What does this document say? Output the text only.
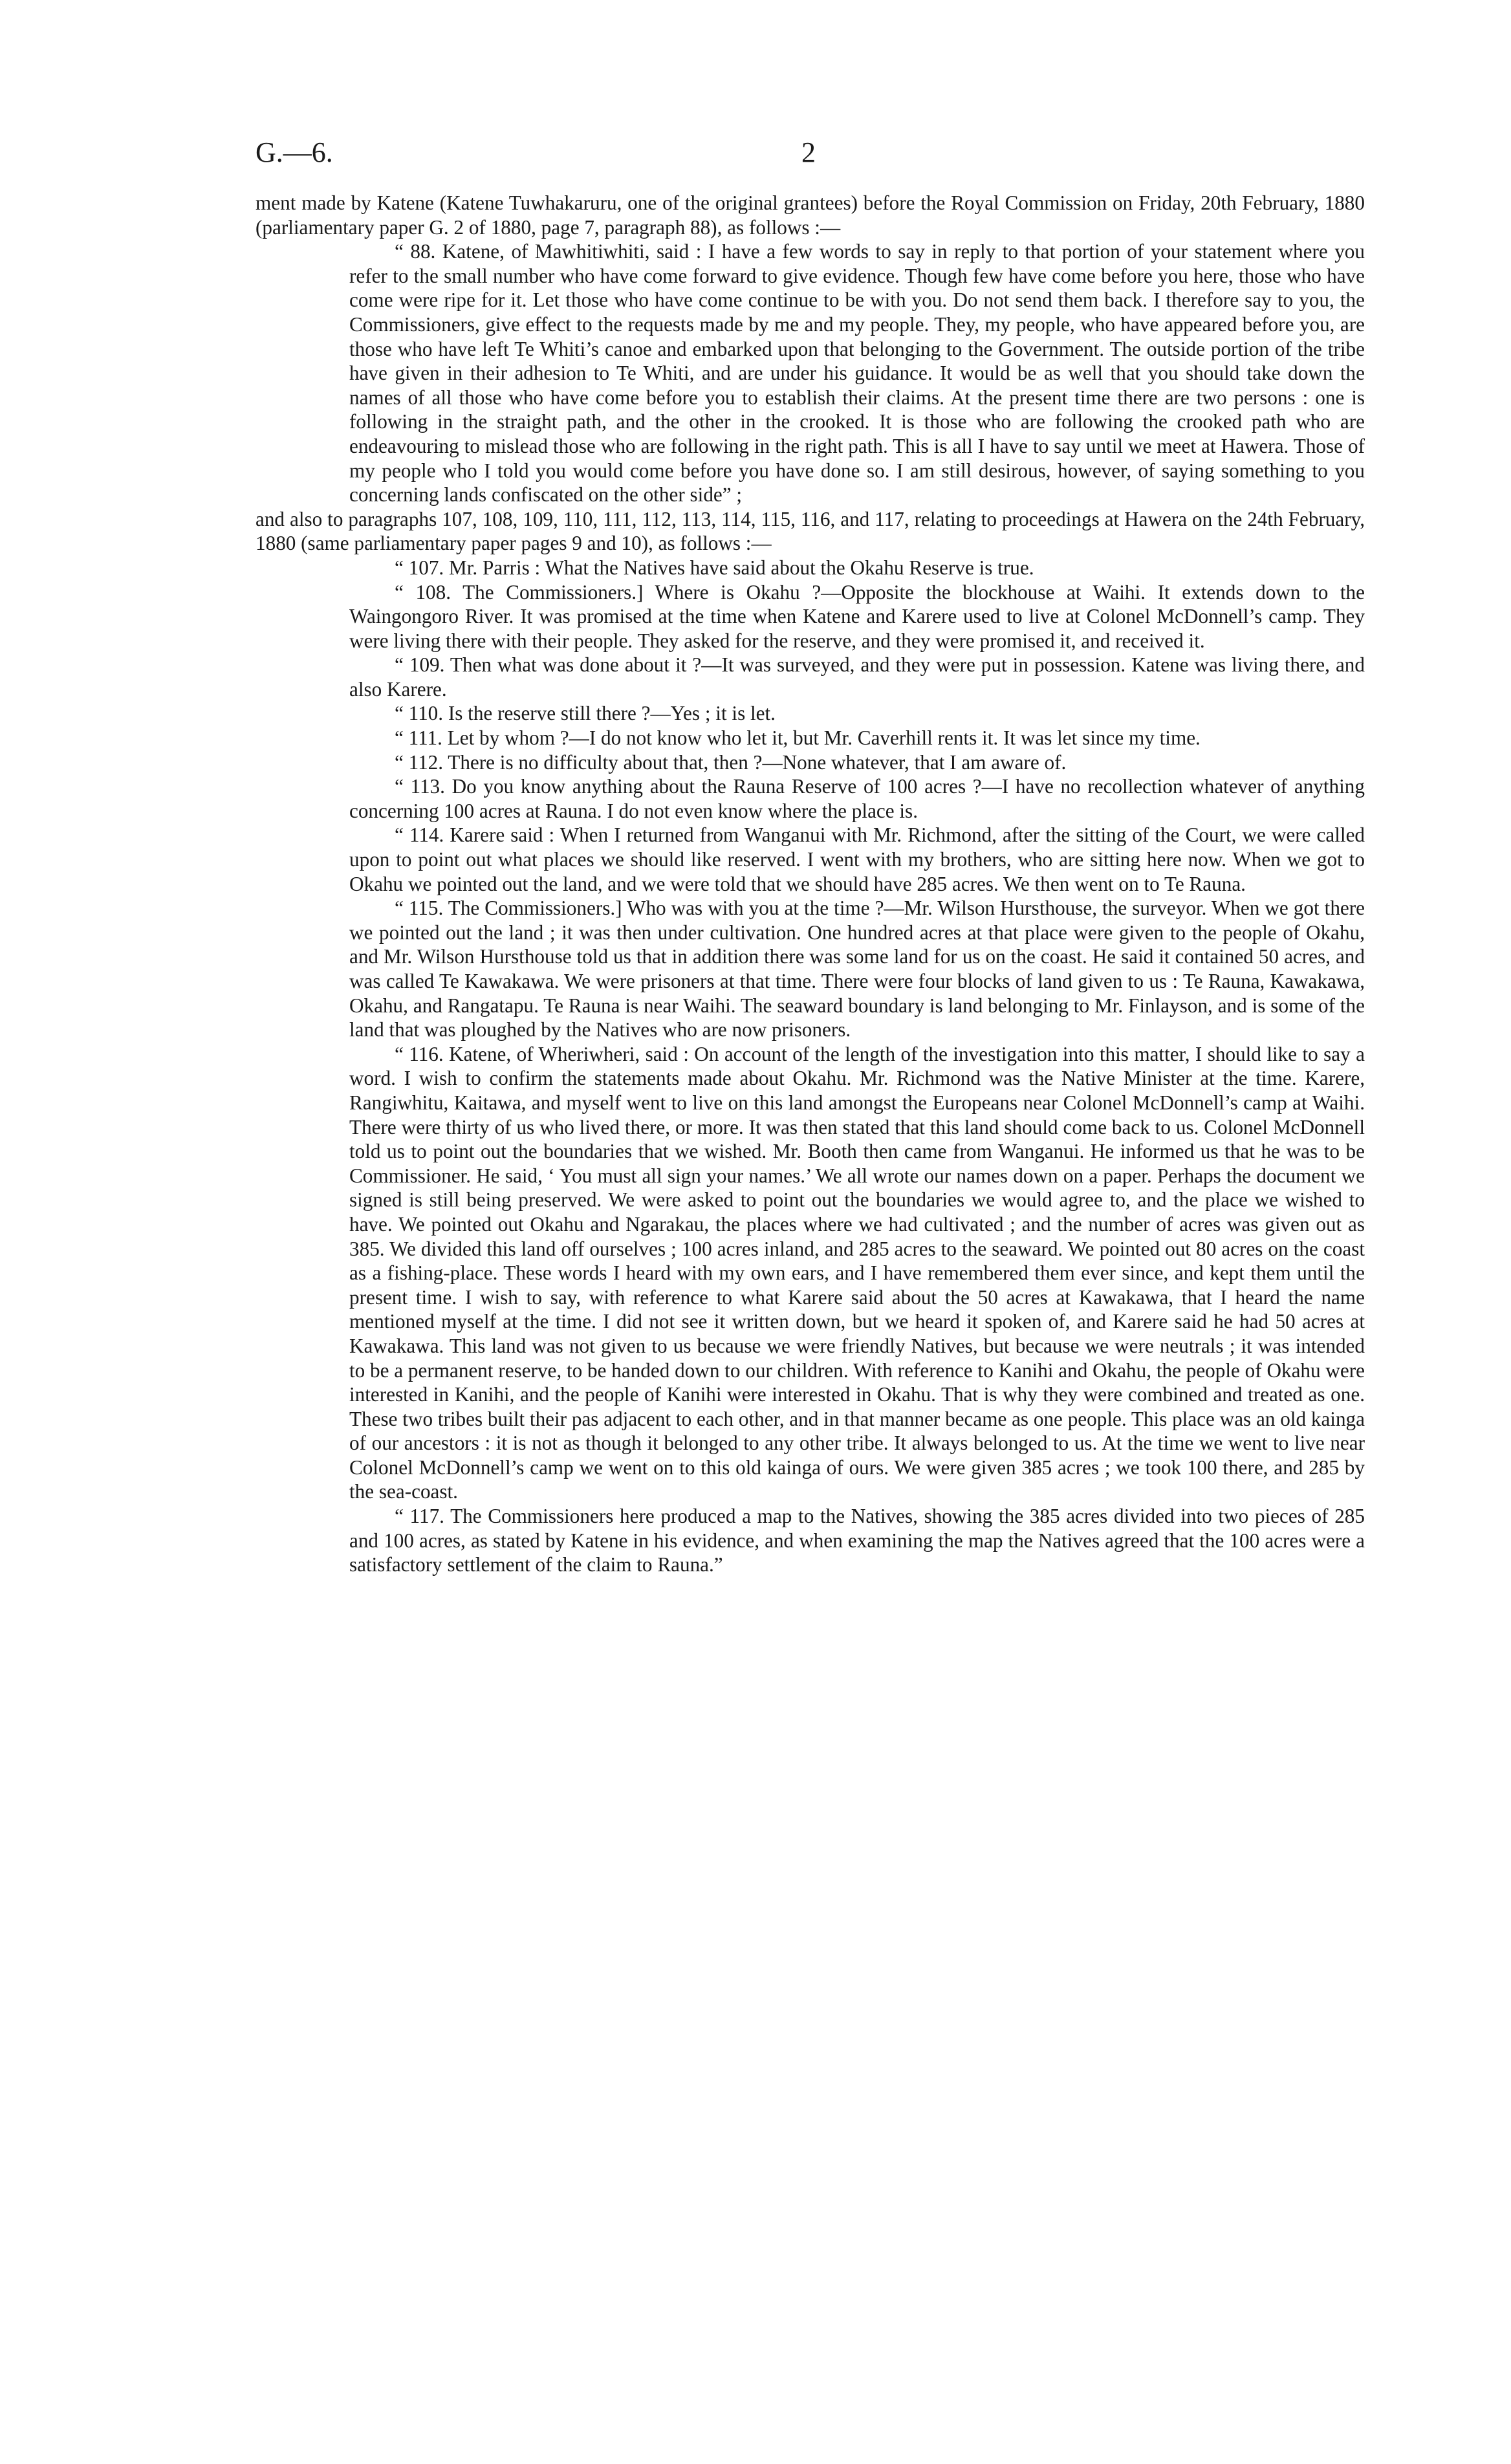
G.—6.	2

ment made by Katene (Katene Tuwhakaruru, one of the original grantees) before the Royal Commission on Friday, 20th February, 1880 (parliamentary paper G. 2 of 1880, page 7, paragraph 88), as follows :—

“ 88. Katene, of Mawhitiwhiti, said : I have a few words to say in reply to that portion of your statement where you refer to the small number who have come forward to give evidence. Though few have come before you here, those who have come were ripe for it. Let those who have come continue to be with you. Do not send them back. I therefore say to you, the Commissioners, give effect to the requests made by me and my people. They, my people, who have appeared before you, are those who have left Te Whiti’s canoe and embarked upon that belonging to the Government. The outside portion of the tribe have given in their adhesion to Te Whiti, and are under his guidance. It would be as well that you should take down the names of all those who have come before you to establish their claims. At the present time there are two persons : one is following in the straight path, and the other in the crooked. It is those who are following the crooked path who are endeavouring to mislead those who are following in the right path. This is all I have to say until we meet at Hawera. Those of my people who I told you would come before you have done so. I am still desirous, however, of saying something to you concerning lands confiscated on the other side” ;

and also to paragraphs 107, 108, 109, 110, 111, 112, 113, 114, 115, 116, and 117, relating to proceedings at Hawera on the 24th February, 1880 (same parliamentary paper pages 9 and 10), as follows :—

“ 107. Mr. Parris : What the Natives have said about the Okahu Reserve is true.

“ 108. The Commissioners.] Where is Okahu ?—Opposite the blockhouse at Waihi. It extends down to the Waingongoro River. It was promised at the time when Katene and Karere used to live at Colonel McDonnell’s camp. They were living there with their people. They asked for the reserve, and they were promised it, and received it.

“ 109. Then what was done about it ?—It was surveyed, and they were put in possession. Katene was living there, and also Karere.

“ 110. Is the reserve still there ?—Yes ; it is let.

“ 111. Let by whom ?—I do not know who let it, but Mr. Caverhill rents it. It was let since my time.

“ 112. There is no difficulty about that, then ?—None whatever, that I am aware of.

“ 113. Do you know anything about the Rauna Reserve of 100 acres ?—I have no recollection whatever of anything concerning 100 acres at Rauna. I do not even know where the place is.

“ 114. Karere said : When I returned from Wanganui with Mr. Richmond, after the sitting of the Court, we were called upon to point out what places we should like reserved. I went with my brothers, who are sitting here now. When we got to Okahu we pointed out the land, and we were told that we should have 285 acres. We then went on to Te Rauna.

“ 115. The Commissioners.] Who was with you at the time ?—Mr. Wilson Hursthouse, the surveyor. When we got there we pointed out the land ; it was then under cultivation. One hundred acres at that place were given to the people of Okahu, and Mr. Wilson Hursthouse told us that in addition there was some land for us on the coast. He said it contained 50 acres, and was called Te Kawakawa. We were prisoners at that time. There were four blocks of land given to us : Te Rauna, Kawakawa, Okahu, and Rangatapu. Te Rauna is near Waihi. The seaward boundary is land belonging to Mr. Finlayson, and is some of the land that was ploughed by the Natives who are now prisoners.

“ 116. Katene, of Wheriwheri, said : On account of the length of the investigation into this matter, I should like to say a word. I wish to confirm the statements made about Okahu. Mr. Richmond was the Native Minister at the time. Karere, Rangiwhitu, Kaitawa, and myself went to live on this land amongst the Europeans near Colonel McDonnell’s camp at Waihi. There were thirty of us who lived there, or more. It was then stated that this land should come back to us. Colonel McDonnell told us to point out the boundaries that we wished. Mr. Booth then came from Wanganui. He informed us that he was to be Commissioner. He said, ‘ You must all sign your names.’ We all wrote our names down on a paper. Perhaps the document we signed is still being preserved. We were asked to point out the boundaries we would agree to, and the place we wished to have. We pointed out Okahu and Ngarakau, the places where we had cultivated ; and the number of acres was given out as 385. We divided this land off ourselves ; 100 acres inland, and 285 acres to the seaward. We pointed out 80 acres on the coast as a fishing-place. These words I heard with my own ears, and I have remembered them ever since, and kept them until the present time. I wish to say, with reference to what Karere said about the 50 acres at Kawakawa, that I heard the name mentioned myself at the time. I did not see it written down, but we heard it spoken of, and Karere said he had 50 acres at Kawakawa. This land was not given to us because we were friendly Natives, but because we were neutrals ; it was intended to be a permanent reserve, to be handed down to our children. With reference to Kanihi and Okahu, the people of Okahu were interested in Kanihi, and the people of Kanihi were interested in Okahu. That is why they were combined and treated as one. These two tribes built their pas adjacent to each other, and in that manner became as one people. This place was an old kainga of our ancestors : it is not as though it belonged to any other tribe. It always belonged to us. At the time we went to live near Colonel McDonnell’s camp we went on to this old kainga of ours. We were given 385 acres ; we took 100 there, and 285 by the sea-coast.

“ 117. The Commissioners here produced a map to the Natives, showing the 385 acres divided into two pieces of 285 and 100 acres, as stated by Katene in his evidence, and when examining the map the Natives agreed that the 100 acres were a satisfactory settlement of the claim to Rauna.”
